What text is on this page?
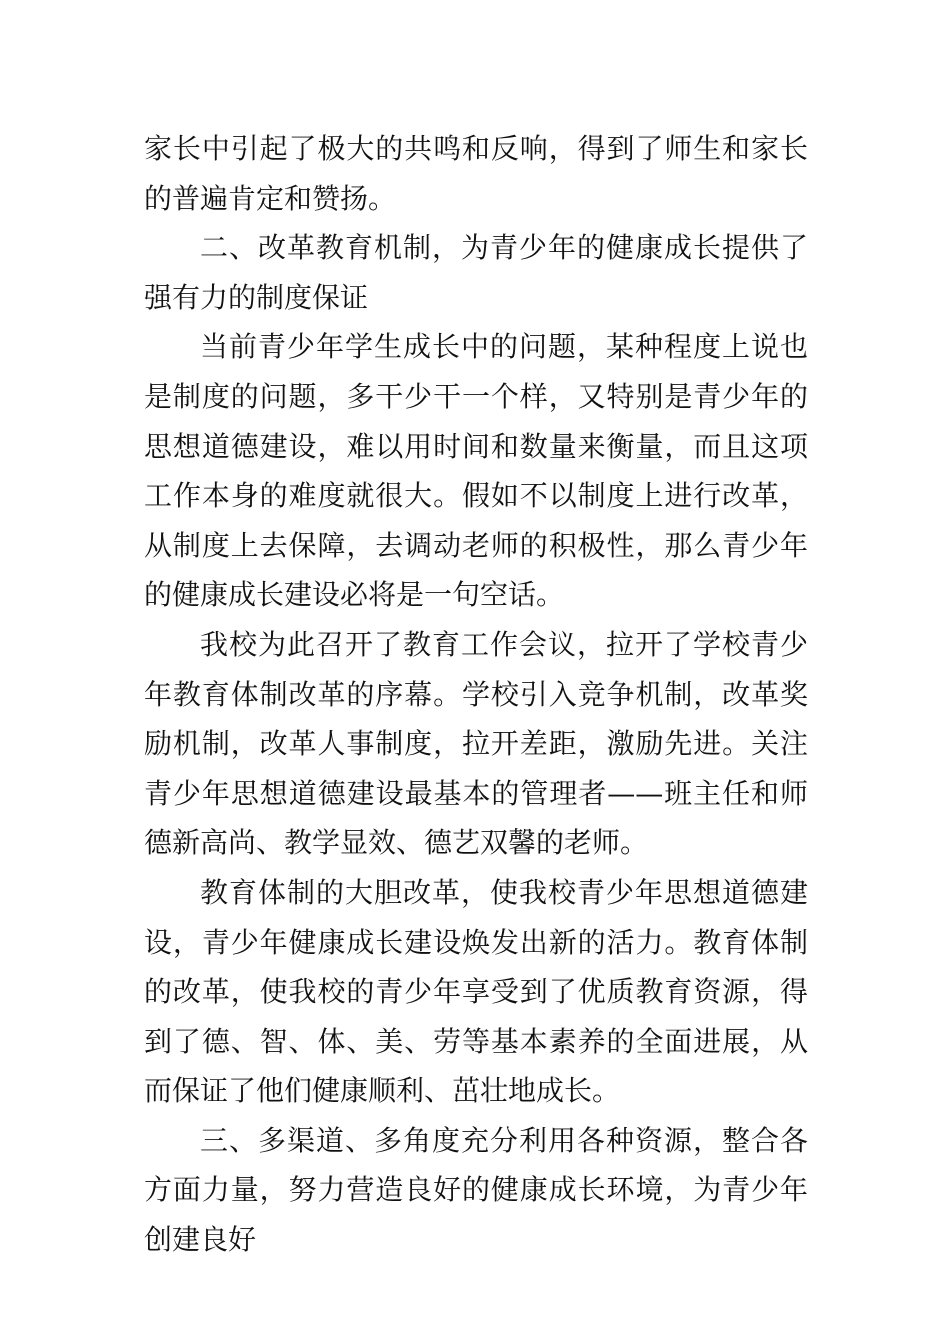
家长中引起了极大的共鸣和反响，得到了师生和家长的普遍肯定和赞扬。

二、改革教育机制，为青少年的健康成长提供了强有力的制度保证

当前青少年学生成长中的问题，某种程度上说也是制度的问题，多干少干一个样，又特别是青少年的思想道德建设，难以用时间和数量来衡量，而且这项工作本身的难度就很大。假如不以制度上进行改革，从制度上去保障，去调动老师的积极性，那么青少年的健康成长建设必将是一句空话。

我校为此召开了教育工作会议，拉开了学校青少年教育体制改革的序幕。学校引入竞争机制，改革奖励机制，改革人事制度，拉开差距，激励先进。关注青少年思想道德建设最基本的管理者——班主任和师德新高尚、教学显效、德艺双馨的老师。

教育体制的大胆改革，使我校青少年思想道德建设，青少年健康成长建设焕发出新的活力。教育体制的改革，使我校的青少年享受到了优质教育资源，得到了德、智、体、美、劳等基本素养的全面进展，从而保证了他们健康顺利、茁壮地成长。

三、多渠道、多角度充分利用各种资源，整合各方面力量，努力营造良好的健康成长环境，为青少年创建良好
